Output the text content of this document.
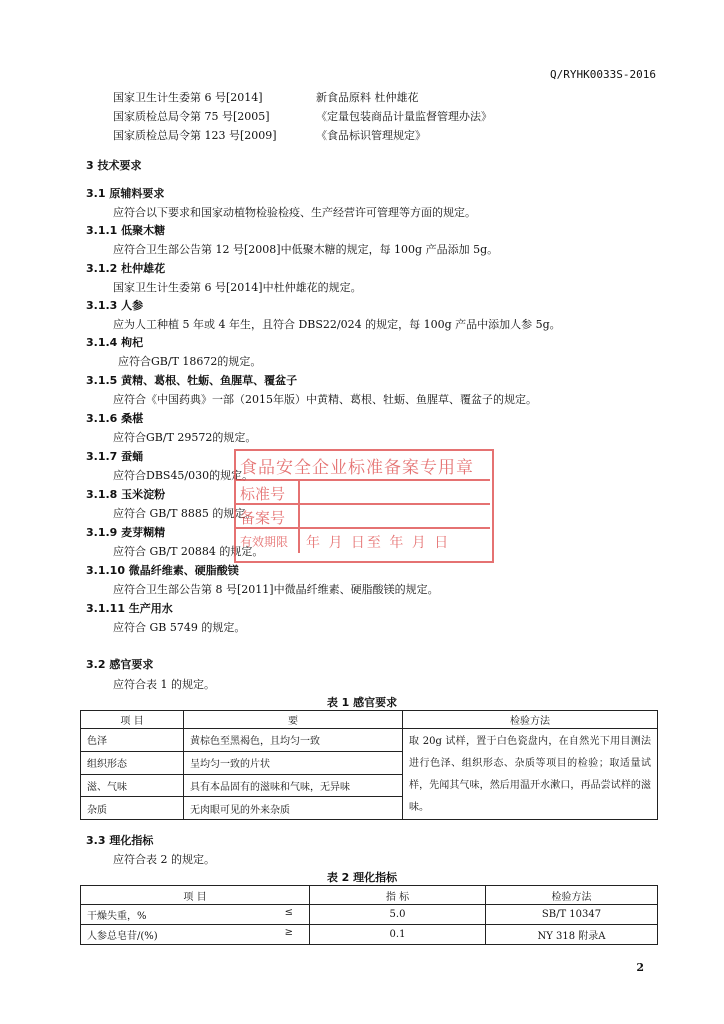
Q/RYHK0033S-2016
国家卫生计生委第 6 号[2014]	新食品原料 杜仲雄花
国家质检总局令第 75 号[2005]	《定量包装商品计量监督管理办法》
国家质检总局令第 123 号[2009]	《食品标识管理规定》
3 技术要求
3.1 原辅料要求
应符合以下要求和国家动植物检验检疫、生产经营许可管理等方面的规定。
3.1.1 低聚木糖
应符合卫生部公告第 12 号[2008]中低聚木糖的规定，每 100g 产品添加 5g。
3.1.2 杜仲雄花
国家卫生计生委第 6 号[2014]中杜仲雄花的规定。
3.1.3 人参
应为人工种植 5 年或 4 年生，且符合 DBS22/024 的规定，每 100g 产品中添加人参 5g。
3.1.4 枸杞
应符合GB/T 18672的规定。
3.1.5 黄精、葛根、牡蛎、鱼腥草、覆盆子
应符合《中国药典》一部（2015年版）中黄精、葛根、牡蛎、鱼腥草、覆盆子的规定。
3.1.6 桑椹
应符合GB/T 29572的规定。
3.1.7 蚕蛹
应符合DBS45/030的规定。
3.1.8 玉米淀粉
应符合 GB/T 8885 的规定。
3.1.9 麦芽糊精
应符合 GB/T 20884 的规定。
3.1.10 微晶纤维素、硬脂酸镁
应符合卫生部公告第 8 号[2011]中微晶纤维素、硬脂酸镁的规定。
3.1.11 生产用水
应符合 GB 5749 的规定。
食品安全企业标准备案专用章
标准号
备案号
有效期限	年 月 日至 年 月 日
3.2 感官要求
应符合表 1 的规定。
表 1 感官要求
项 目	要	检验方法
色泽	黄棕色至黑褐色，且均匀一致	取 20g 试样，置于白色瓷盘内，在自然光下用目测法进行色泽、组织形态、杂质等项目的检验；取适量试样，先闻其气味，然后用温开水漱口，再品尝试样的滋味。
组织形态	呈均匀一致的片状	
滋、气味	具有本品固有的滋味和气味，无异味	
杂质	无肉眼可见的外来杂质	
3.3 理化指标
应符合表 2 的规定。
表 2 理化指标
项 目	指 标	检验方法
干燥失重，% ≤	5.0	SB/T 10347
人参总皂苷/(%) ≥	0.1	NY 318 附录A
2
